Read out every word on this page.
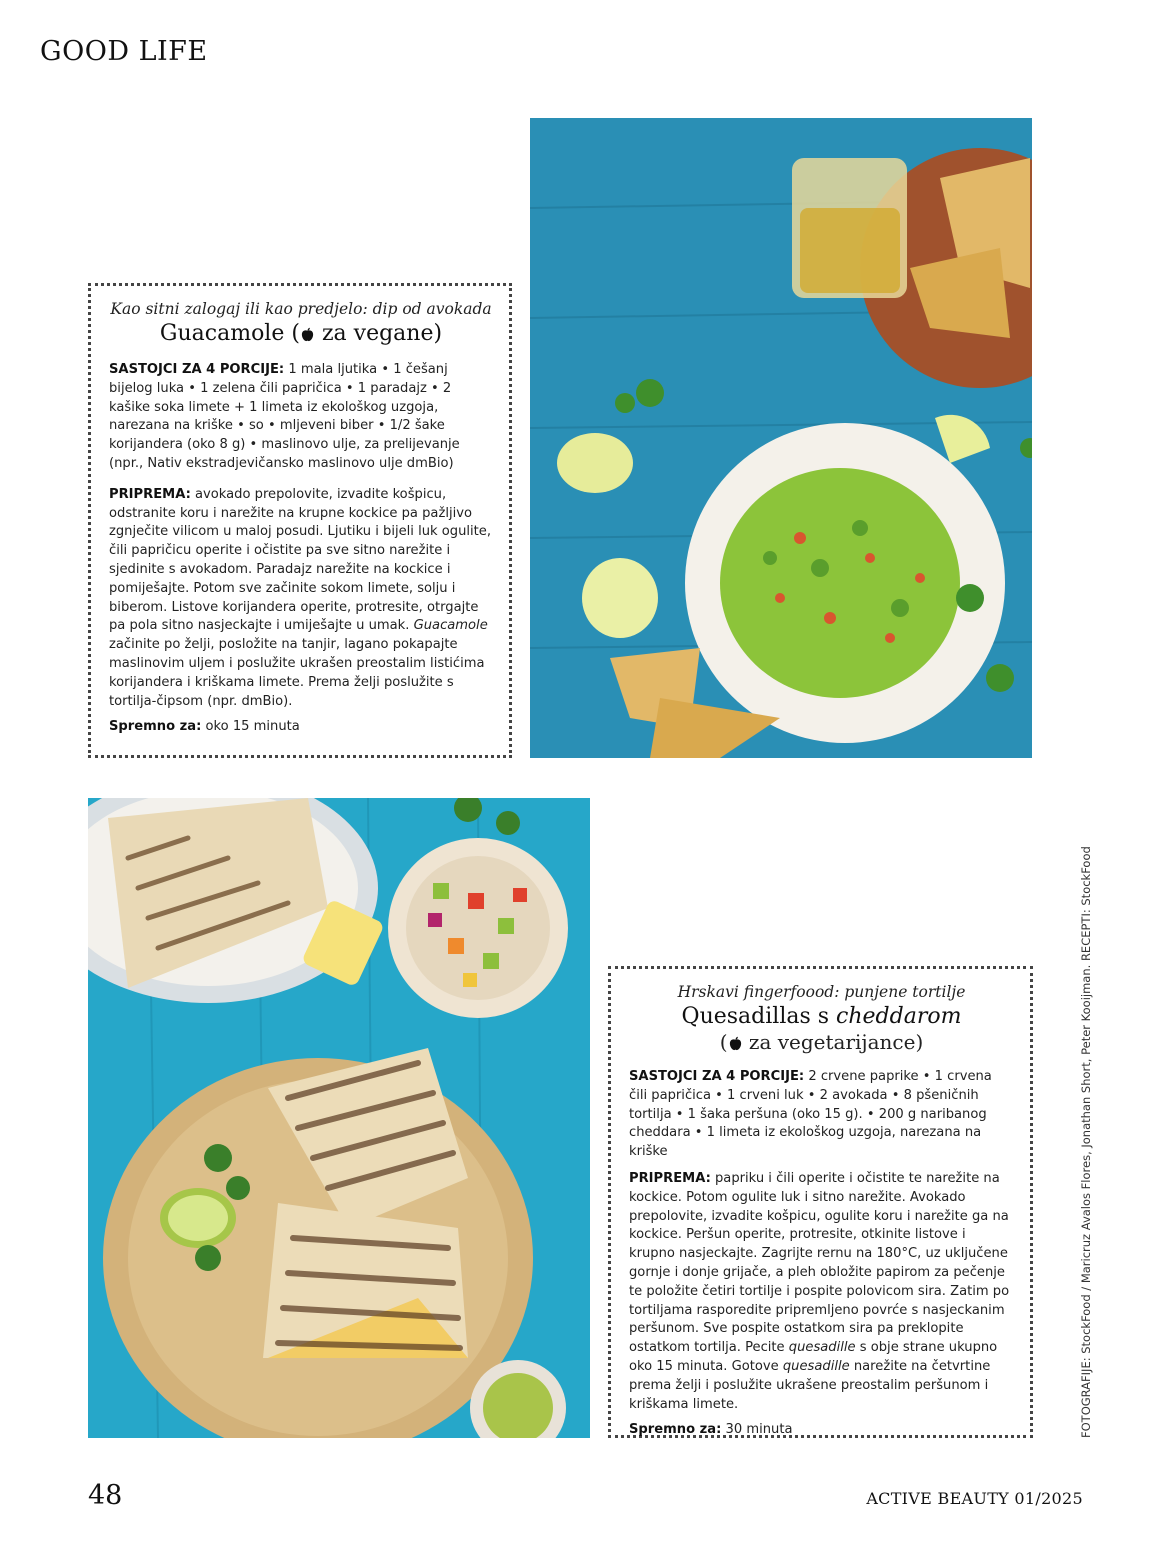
GOOD LIFE
Kao sitni zalogaj ili kao predjelo: dip od avokada
Guacamole ( za vegane)
SASTOJCI ZA 4 PORCIJE: 1 mala ljutika • 1 češanj bijelog luka • 1 zelena čili papričica • 1 paradajz • 2 kašike soka limete + 1 limeta iz ekološkog uzgoja, narezana na kriške • so • mljeveni biber • 1/2 šake korijandera (oko 8 g) • maslinovo ulje, za prelijevanje (npr., Nativ ekstradjevičansko maslinovo ulje dmBio)
PRIPREMA: avokado prepolovite, izvadite košpicu, odstranite koru i narežite na krupne kockice pa pažljivo zgnječite vilicom u maloj posudi. Ljutiku i bijeli luk ogulite, čili papričicu operite i očistite pa sve sitno narežite i sjedinite s avokadom. Paradajz narežite na kockice i pomiješajte. Potom sve začinite sokom limete, solju i biberom. Listove korijandera operite, protresite, otrgajte pa pola sitno nasjeckajte i umiješajte u umak. Guacamole začinite po želji, posložite na tanjir, lagano pokapajte maslinovim uljem i poslužite ukrašen preostalim listićima korijandera i kriškama limete. Prema želji poslužite s tortilja-čipsom (npr. dmBio).
Spremno za: oko 15 minuta
Hrskavi fingerfoood: punjene tortilje
Quesadillas s cheddarom
( za vegetarijance)
SASTOJCI ZA 4 PORCIJE: 2 crvene paprike • 1 crvena čili papričica • 1 crveni luk • 2 avokada • 8 pšeničnih tortilja • 1 šaka peršuna (oko 15 g). • 200 g naribanog cheddara • 1 limeta iz ekološkog uzgoja, narezana na kriške
PRIPREMA: papriku i čili operite i očistite te narežite na kockice. Potom ogulite luk i sitno narežite. Avokado prepolovite, izvadite košpicu, ogulite koru i narežite ga na kockice. Peršun operite, protresite, otkinite listove i krupno nasjeckajte. Zagrijte rernu na 180°C, uz uključene gornje i donje grijače, a pleh obložite papirom za pečenje te položite četiri tortilje i pospite polovicom sira. Zatim po tortiljama rasporedite pripremljeno povrće s nasjeckanim peršunom. Sve pospite ostatkom sira pa preklopite ostatkom tortilja. Pecite quesadille s obje strane ukupno oko 15 minuta. Gotove quesadille narežite na četvrtine prema želji i poslužite ukrašene preostalim peršunom i kriškama limete.
Spremno za: 30 minuta	FOTOGRAFIJE: StockFood / Maricruz Avalos Flores, Jonathan Short, Peter Kooijman. RECEPTI: StockFood
48	ACTIVE BEAUTY 01/2025
